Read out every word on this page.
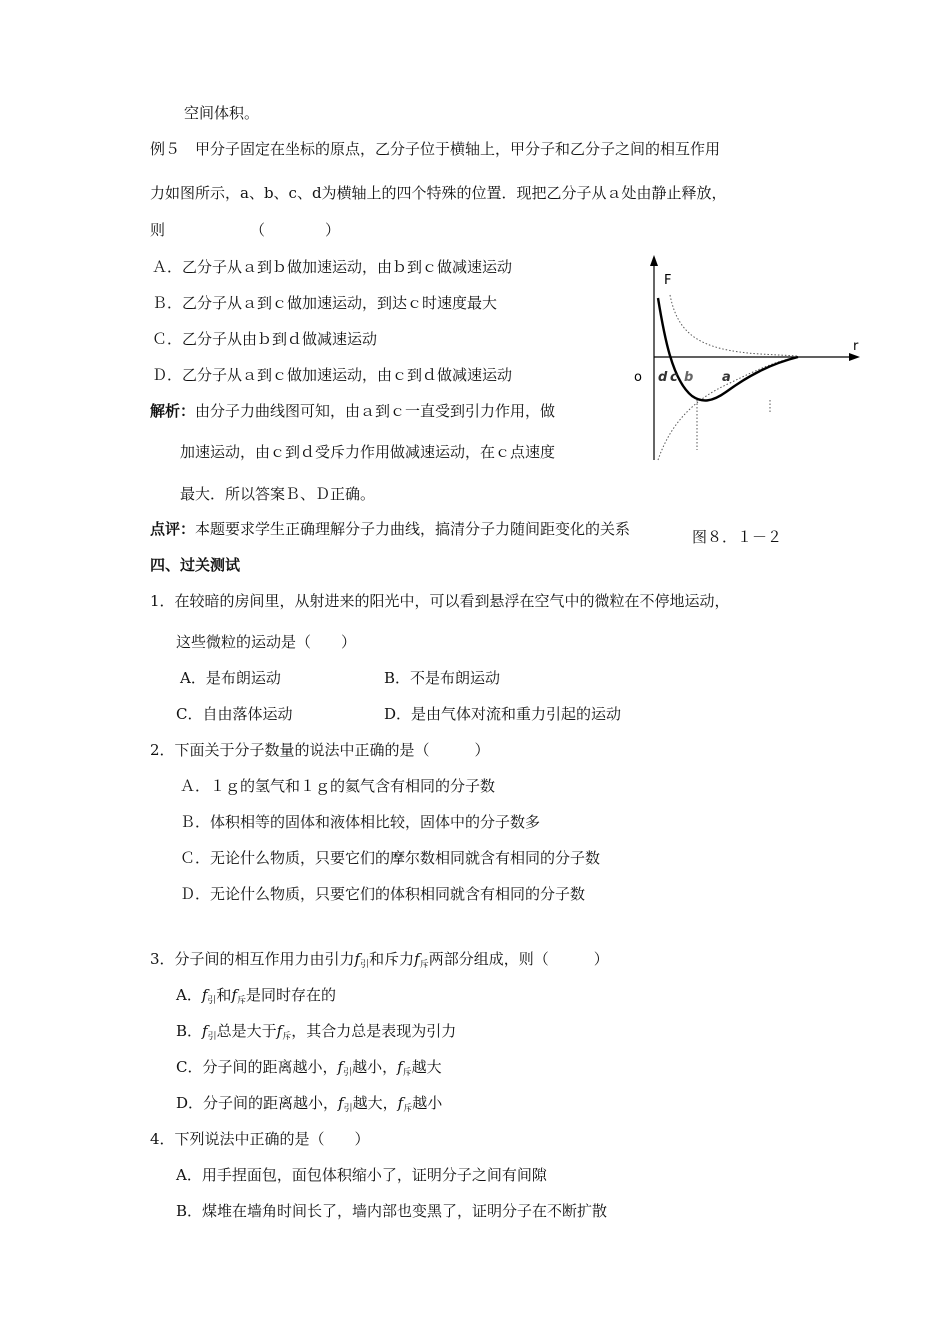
空间体积。
例５　甲分子固定在坐标的原点，乙分子位于横轴上，甲分子和乙分子之间的相互作用
力如图所示，a、b、c、d为横轴上的四个特殊的位置．现把乙分子从ａ处由静止释放，
则	（　　　　）
Ａ．乙分子从ａ到ｂ做加速运动，由ｂ到ｃ做减速运动
Ｂ．乙分子从ａ到ｃ做加速运动，到达ｃ时速度最大
Ｃ．乙分子从由ｂ到ｄ做减速运动
Ｄ．乙分子从ａ到ｃ做加速运动，由ｃ到ｄ做减速运动
解析：由分子力曲线图可知，由ａ到ｃ一直受到引力作用，做
加速运动，由ｃ到ｄ受斥力作用做减速运动，在ｃ点速度
最大．所以答案Ｂ、Ｄ正确。
点评：本题要求学生正确理解分子力曲线，搞清分子力随间距变化的关系
F
r
o d c b a
图８．１－２
四、过关测试
1．在较暗的房间里，从射进来的阳光中，可以看到悬浮在空气中的微粒在不停地运动，
这些微粒的运动是（　　）
A．是布朗运动	B．不是布朗运动
C．自由落体运动	D．是由气体对流和重力引起的运动
2．下面关于分子数量的说法中正确的是（　　　）
Ａ．１ｇ的氢气和１ｇ的氦气含有相同的分子数
Ｂ．体积相等的固体和液体相比较，固体中的分子数多
Ｃ．无论什么物质，只要它们的摩尔数相同就含有相同的分子数
Ｄ．无论什么物质，只要它们的体积相同就含有相同的分子数
3．分子间的相互作用力由引力$f_引$和斥力$f_斥$两部分组成，则（　　　）
A．$f_引$和$f_斥$是同时存在的
B．$f_引$总是大于$f_斥$，其合力总是表现为引力
C．分子间的距离越小，$f_引$越小，$f_斥$越大
D．分子间的距离越小，$f_引$越大，$f_斥$越小
4．下列说法中正确的是（　　）
A．用手捏面包，面包体积缩小了，证明分子之间有间隙
B．煤堆在墙角时间长了，墙内部也变黑了，证明分子在不断扩散
